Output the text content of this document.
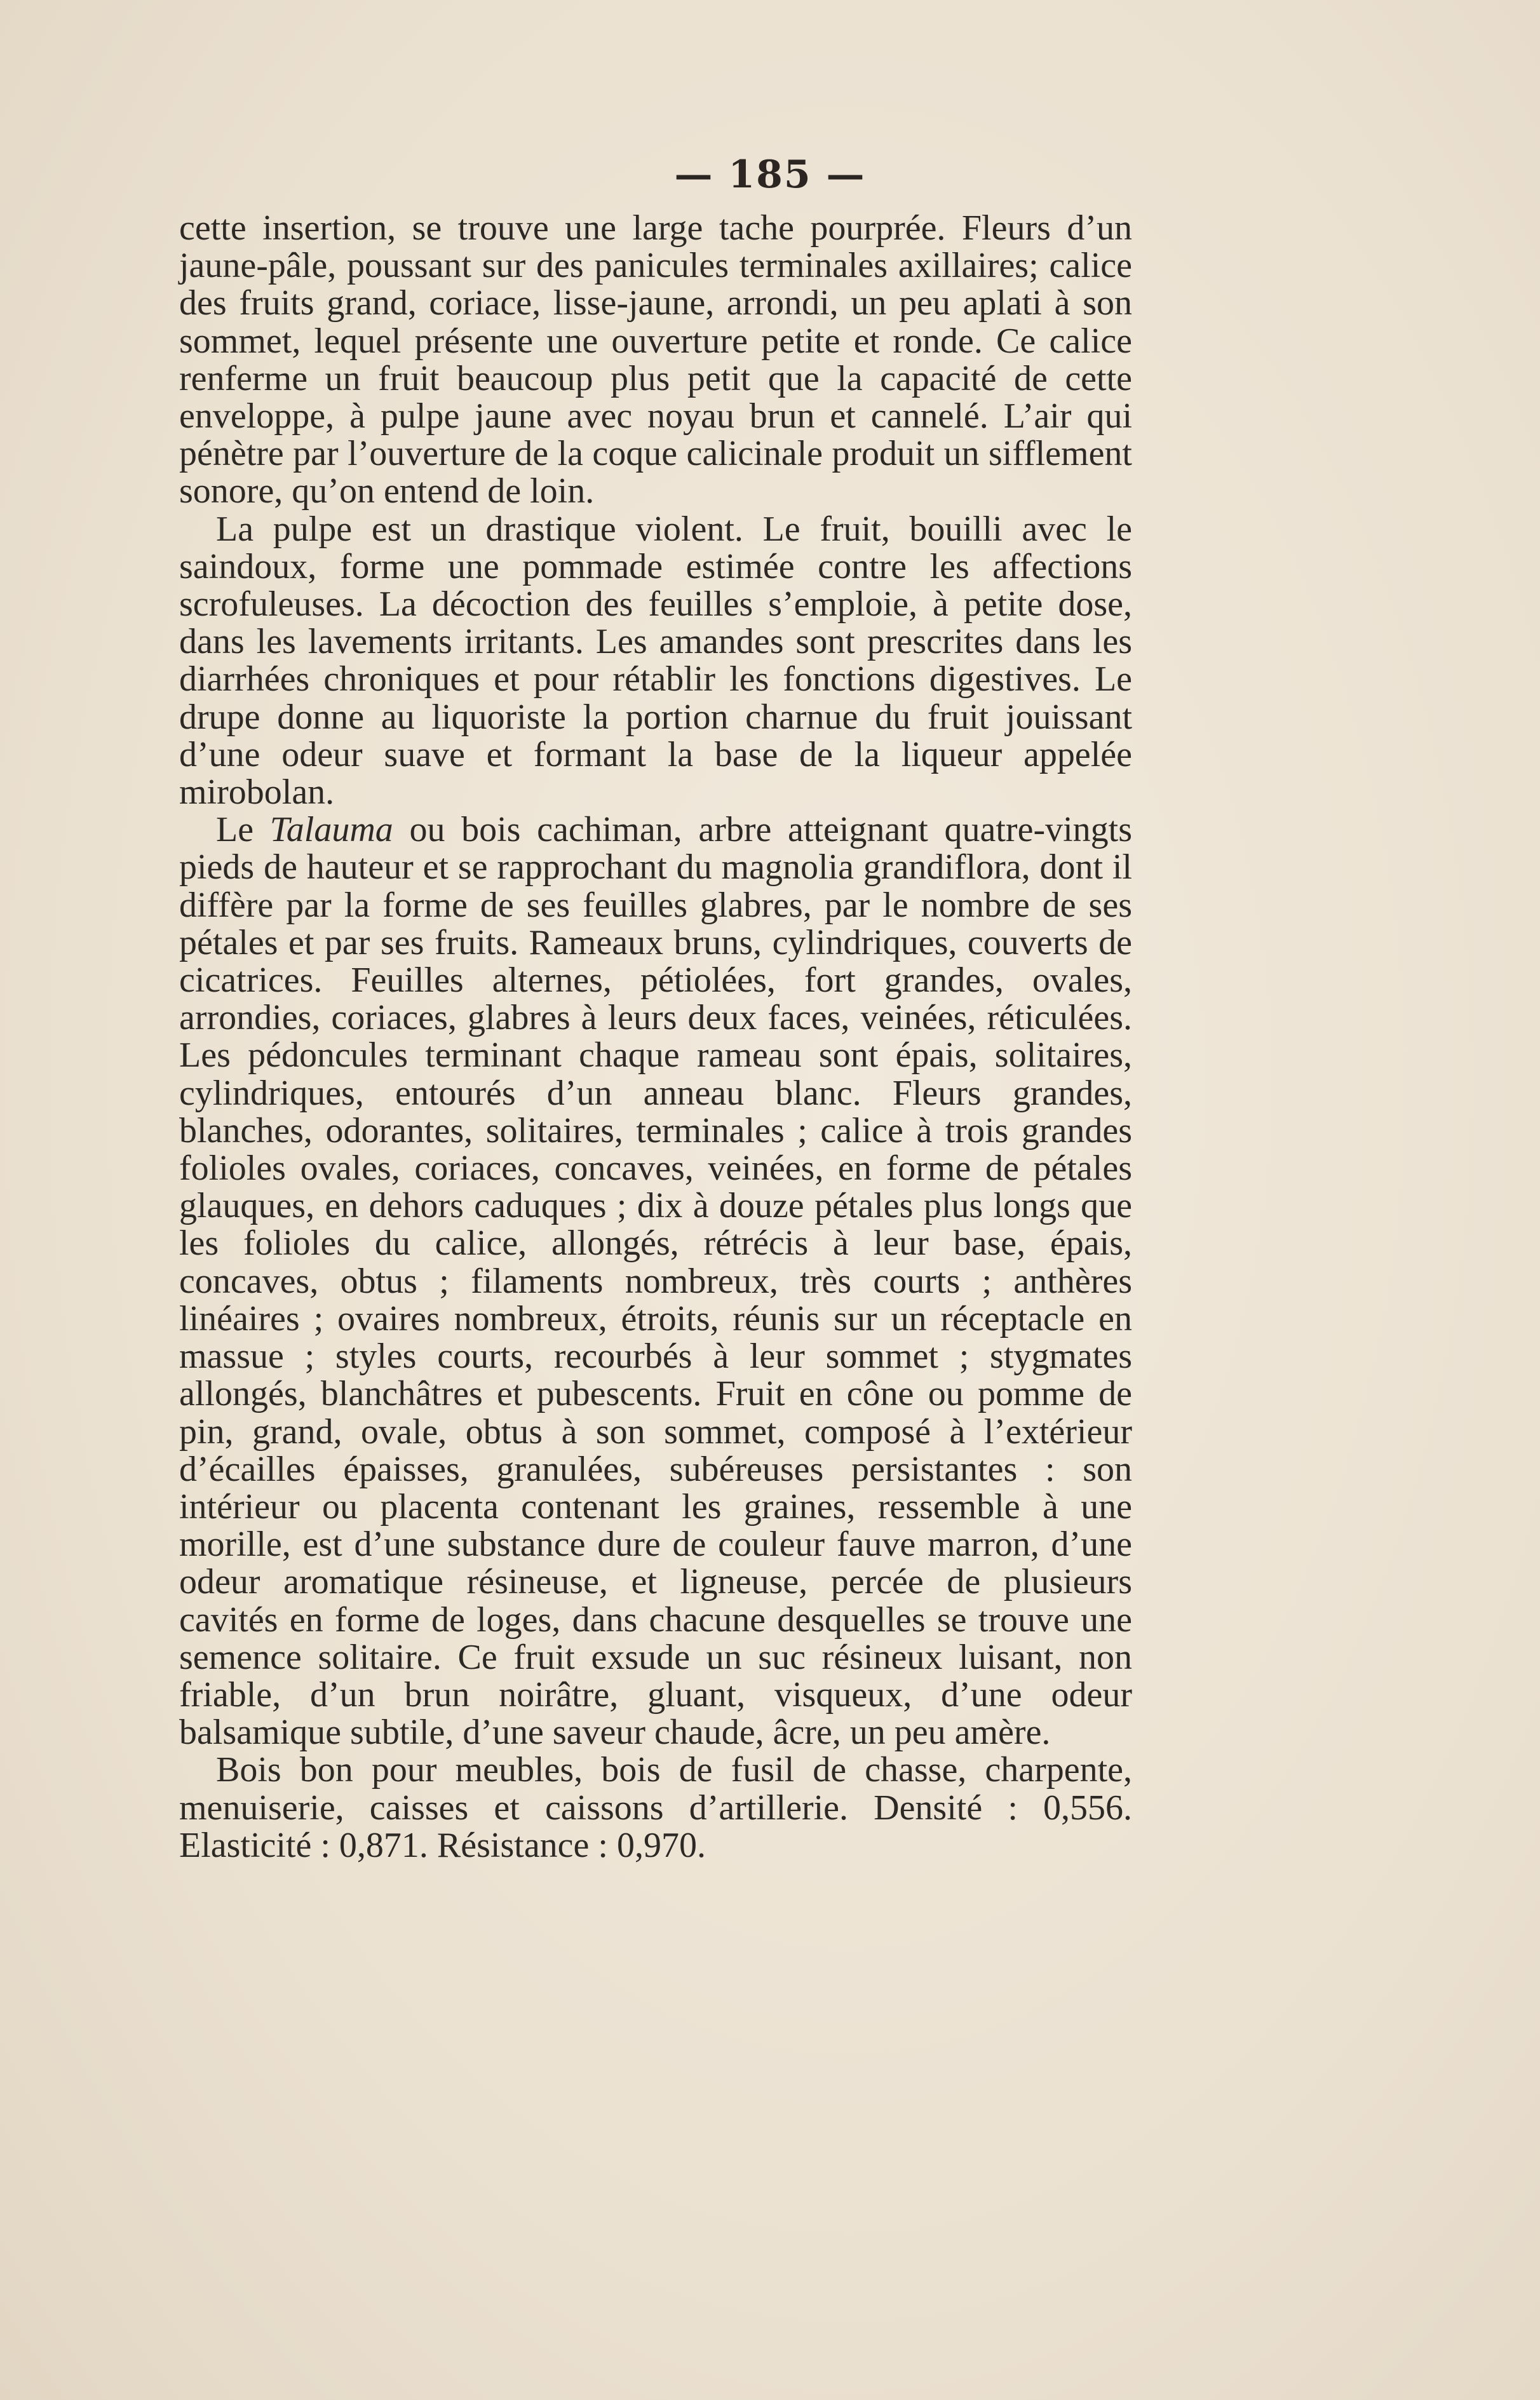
— 185 —

cette insertion, se trouve une large tache pourprée. Fleurs d’un jaune-pâle, poussant sur des panicules terminales axillaires; calice des fruits grand, coriace, lisse-jaune, arrondi, un peu aplati à son sommet, lequel présente une ouverture petite et ronde. Ce calice renferme un fruit beaucoup plus petit que la capacité de cette enveloppe, à pulpe jaune avec noyau brun et cannelé. L’air qui pénètre par l’ouverture de la coque calicinale produit un sifflement sonore, qu’on entend de loin.

La pulpe est un drastique violent. Le fruit, bouilli avec le saindoux, forme une pommade estimée contre les affections scrofuleuses. La décoction des feuilles s’emploie, à petite dose, dans les lavements irritants. Les amandes sont prescrites dans les diarrhées chroniques et pour rétablir les fonctions digestives. Le drupe donne au liquoriste la portion charnue du fruit jouissant d’une odeur suave et formant la base de la liqueur appelée mirobolan.

Le Talauma ou bois cachiman, arbre atteignant quatre-vingts pieds de hauteur et se rapprochant du magnolia grandiflora, dont il diffère par la forme de ses feuilles glabres, par le nombre de ses pétales et par ses fruits. Rameaux bruns, cylindriques, couverts de cicatrices. Feuilles alternes, pétiolées, fort grandes, ovales, arrondies, coriaces, glabres à leurs deux faces, veinées, réticulées. Les pédoncules terminant chaque rameau sont épais, solitaires, cylindriques, entourés d’un anneau blanc. Fleurs grandes, blanches, odorantes, solitaires, terminales ; calice à trois grandes folioles ovales, coriaces, concaves, veinées, en forme de pétales glauques, en dehors caduques ; dix à douze pétales plus longs que les folioles du calice, allongés, rétrécis à leur base, épais, concaves, obtus ; filaments nombreux, très courts ; anthères linéaires ; ovaires nombreux, étroits, réunis sur un réceptacle en massue ; styles courts, recourbés à leur sommet ; stygmates allongés, blanchâtres et pubescents. Fruit en cône ou pomme de pin, grand, ovale, obtus à son sommet, composé à l’extérieur d’écailles épaisses, granulées, subéreuses persistantes : son intérieur ou placenta contenant les graines, ressemble à une morille, est d’une substance dure de couleur fauve marron, d’une odeur aromatique résineuse, et ligneuse, percée de plusieurs cavités en forme de loges, dans chacune desquelles se trouve une semence solitaire. Ce fruit exsude un suc résineux luisant, non friable, d’un brun noirâtre, gluant, visqueux, d’une odeur balsamique subtile, d’une saveur chaude, âcre, un peu amère.

Bois bon pour meubles, bois de fusil de chasse, charpente, menuiserie, caisses et caissons d’artillerie. Densité : 0,556. Elasticité : 0,871. Résistance : 0,970.
